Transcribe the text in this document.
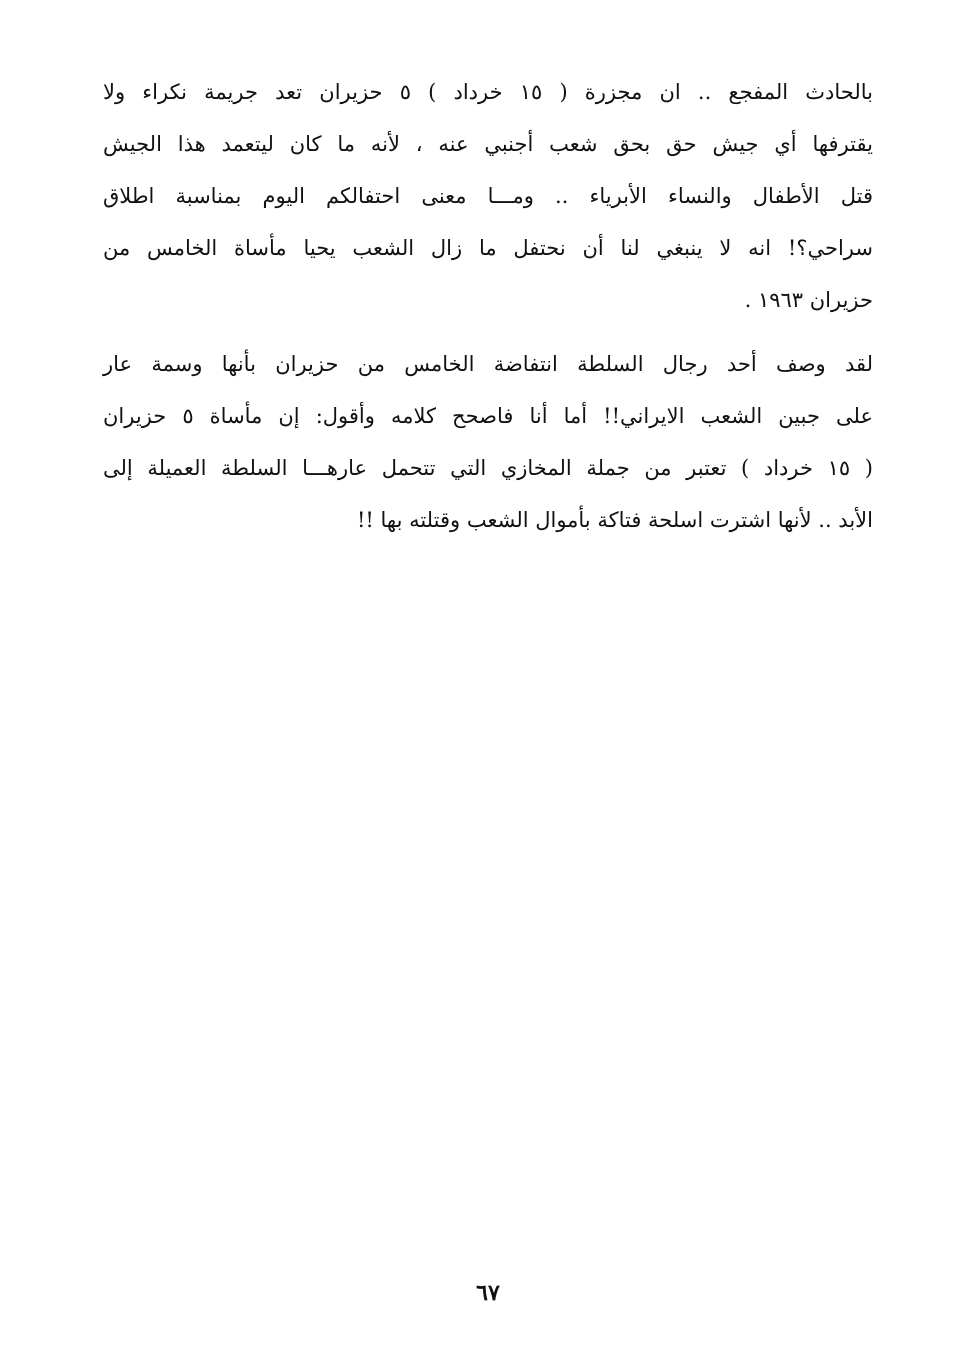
بالحادث المفجع .. ان مجزرة ( ١٥ خرداد ) ٥ حزيران تعد جريمة نكراء ولا
يقترفها أي جيش حق بحق شعب أجنبي عنه ، لأنه ما كان ليتعمد هذا الجيش
قتل الأطفال والنساء الأبرياء .. ومـــا معنى احتفالكم اليوم بمناسبة اطلاق
سراحي؟! انه لا ينبغي لنا أن نحتفل ما زال الشعب يحيا مأساة الخامس من
حزيران ١٩٦٣ .

لقد وصف أحد رجال السلطة انتفاضة الخامس من حزيران بأنها وسمة عار
على جبين الشعب الايراني!! أما أنا فاصحح كلامه وأقول: إن مأساة ٥ حزيران
( ١٥ خرداد ) تعتبر من جملة المخازي التي تتحمل عارهـــا السلطة العميلة إلى
الأبد .. لأنها اشترت اسلحة فتاكة بأموال الشعب وقتلته بها !!

٦٧
